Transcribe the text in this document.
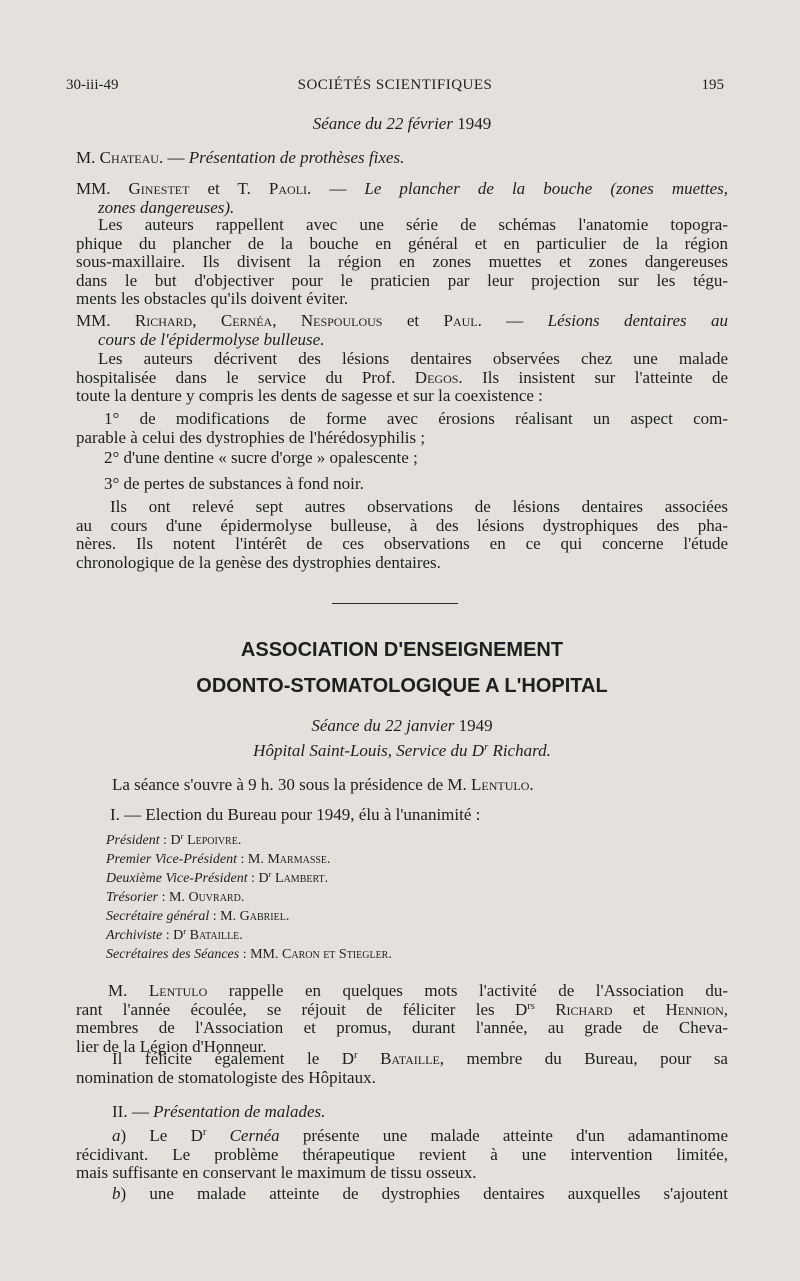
30-iii-49	SOCIÉTÉS SCIENTIFIQUES	195
Séance du 22 février 1949

M. Chateau. — Présentation de prothèses fixes.

MM. Ginestet et T. Paoli. — Le plancher de la bouche (zones muettes,

zones dangereuses).

Les auteurs rappellent avec une série de schémas l'anatomie topogra-

phique du plancher de la bouche en général et en particulier de la région

sous-maxillaire. Ils divisent la région en zones muettes et zones dangereuses

dans le but d'objectiver pour le praticien par leur projection sur les tégu-

ments les obstacles qu'ils doivent éviter.

MM. Richard, Cernéa, Nespoulous et Paul. — Lésions dentaires au

cours de l'épidermolyse bulleuse.

Les auteurs décrivent des lésions dentaires observées chez une malade

hospitalisée dans le service du Prof. Degos. Ils insistent sur l'atteinte de

toute la denture y compris les dents de sagesse et sur la coexistence :

1° de modifications de forme avec érosions réalisant un aspect com-

parable à celui des dystrophies de l'hérédosyphilis ;

2° d'une dentine « sucre d'orge » opalescente ;
3° de pertes de substances à fond noir.

Ils ont relevé sept autres observations de lésions dentaires associées

au cours d'une épidermolyse bulleuse, à des lésions dystrophiques des pha-

nères. Ils notent l'intérêt de ces observations en ce qui concerne l'étude

chronologique de la genèse des dystrophies dentaires.

ASSOCIATION D'ENSEIGNEMENT
ODONTO-STOMATOLOGIQUE A L'HOPITAL
Séance du 22 janvier 1949
Hôpital Saint-Louis, Service du $D^r$ Richard.
La séance s'ouvre à 9 h. 30 sous la présidence de M. Lentulo.
I. — Election du Bureau pour 1949, élu à l'unanimité :

Président : $D^r$ Lepoivre.

Premier Vice-Président : M. Marmasse.

Deuxième Vice-Président : $D^r$ Lambert.

Trésorier : M. Ouvrard.

Secrétaire général : M. Gabriel.

Archiviste : $D^r$ Bataille.

Secrétaires des Séances : MM. Caron et Stiegler.

M. Lentulo rappelle en quelques mots l'activité de l'Association du-

rant l'année écoulée, se réjouit de féliciter les $D^{rs}$ Richard et Hennion,

membres de l'Association et promus, durant l'année, au grade de Cheva-

lier de la Légion d'Honneur.

Il félicite également le $D^r$ Bataille, membre du Bureau, pour sa

nomination de stomatologiste des Hôpitaux.

II. — Présentation de malades.

a) Le $D^r$ Cernéa présente une malade atteinte d'un adamantinome

récidivant. Le problème thérapeutique revient à une intervention limitée,

mais suffisante en conservant le maximum de tissu osseux.

b) une malade atteinte de dystrophies dentaires auxquelles s'ajoutent
